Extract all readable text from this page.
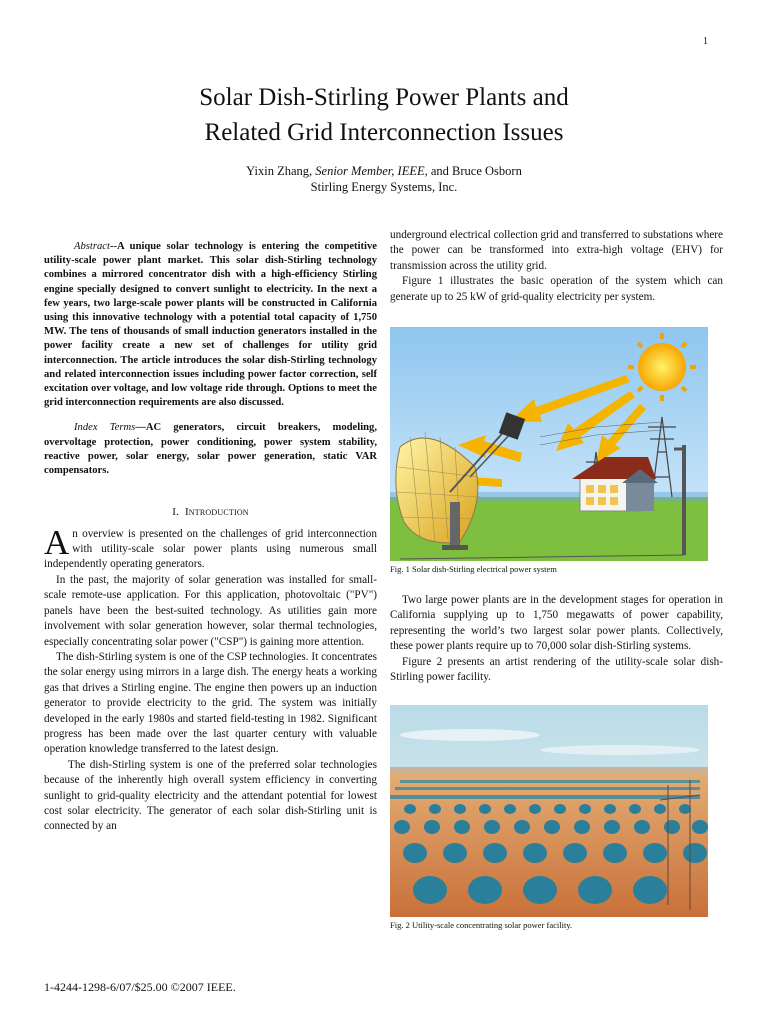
1
Solar Dish-Stirling Power Plants and
Related Grid Interconnection Issues
Yixin Zhang, Senior Member, IEEE, and Bruce Osborn
Stirling Energy Systems, Inc.

Abstract--A unique solar technology is entering the competitive utility-scale power plant market. This solar dish-Stirling technology combines a mirrored concentrator dish with a high-efficiency Stirling engine specially designed to convert sunlight to electricity. In the next a few years, two large-scale power plants will be constructed in California using this innovative technology with a potential total capacity of 1,750 MW. The tens of thousands of small induction generators installed in the power facility create a new set of challenges for utility grid interconnection. The article introduces the solar dish-Stirling technology and related interconnection issues including power factor correction, self excitation over voltage, and low voltage ride through. Options to meet the grid interconnection requirements are also discussed.

Index Terms—AC generators, circuit breakers, modeling, overvoltage protection, power conditioning, power system stability, reactive power, solar energy, solar power generation, static VAR compensators.

I. Introduction

An overview is presented on the challenges of grid interconnection with utility-scale solar power plants using numerous small independently operating generators.

In the past, the majority of solar generation was installed for small-scale remote-use application. For this application, photovoltaic ("PV") panels have been the best-suited technology. As utilities gain more involvement with solar generation however, solar thermal technologies, especially concentrating solar power ("CSP") is gaining more attention.

The dish-Stirling system is one of the CSP technologies. It concentrates the solar energy using mirrors in a large dish. The energy heats a working gas that drives a Stirling engine. The engine then powers up an induction generator to provide electricity to the grid. The system was initially developed in the early 1980s and started field-testing in 1982. Significant progress has been made over the last quarter century with valuable operation knowledge transferred to the latest design.

The dish-Stirling system is one of the preferred solar technologies because of the inherently high overall system efficiency in converting sunlight to grid-quality electricity and the attendant potential for lowest cost solar electricity. The generator of each solar dish-Stirling unit is connected by an

underground electrical collection grid and transferred to substations where the power can be transformed into extra-high voltage (EHV) for transmission across the utility grid.

Figure 1 illustrates the basic operation of the system which can generate up to 25 kW of grid-quality electricity per system.

Fig. 1 Solar dish-Stirling electrical power system

Two large power plants are in the development stages for operation in California supplying up to 1,750 megawatts of power capability, representing the world’s two largest solar power plants. Collectively, these power plants require up to 70,000 solar dish-Stirling systems.

Figure 2 presents an artist rendering of the utility-scale solar dish-Stirling power facility.

Fig. 2 Utility-scale concentrating solar power facility.
1-4244-1298-6/07/$25.00 ©2007 IEEE.
